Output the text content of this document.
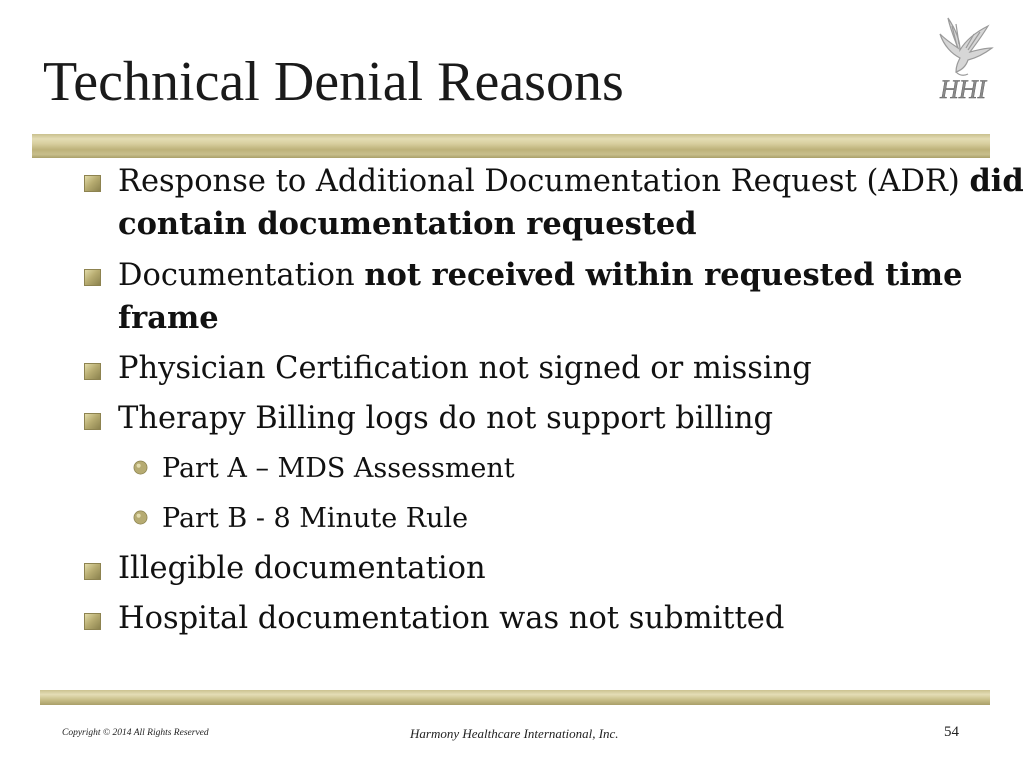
Technical Denial Reasons	HHI
Response to Additional Documentation Request (ADR) did contain documentation requested
Documentation not received within requested time frame
Physician Certification not signed or missing
Therapy Billing logs do not support billing
Part A – MDS Assessment
Part B - 8 Minute Rule
Illegible documentation
Hospital documentation was not submitted
Copyright © 2014 All Rights Reserved	Harmony Healthcare International, Inc.	54
